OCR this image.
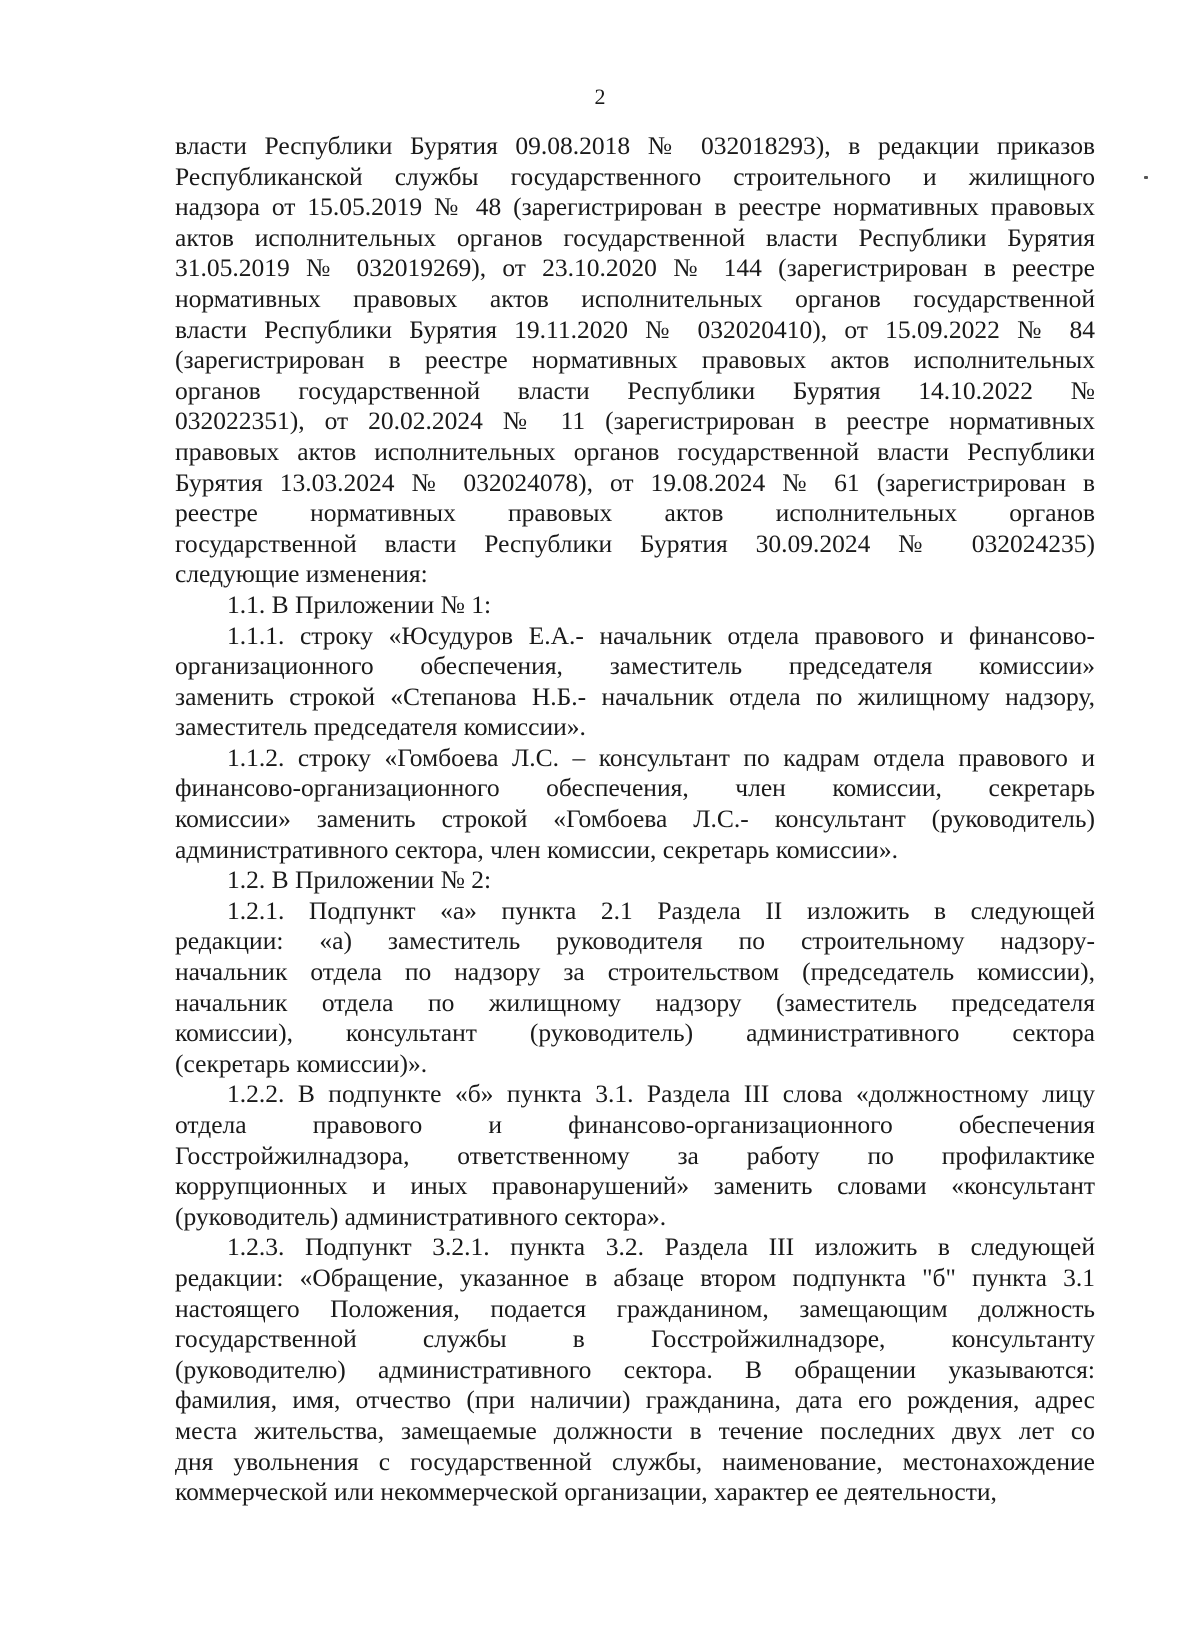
2
власти Республики Бурятия 09.08.2018 № 032018293), в редакции приказов
Республиканской службы государственного строительного и жилищного
надзора от 15.05.2019 № 48 (зарегистрирован в реестре нормативных правовых
актов исполнительных органов государственной власти Республики Бурятия
31.05.2019 № 032019269), от 23.10.2020 № 144 (зарегистрирован в реестре
нормативных правовых актов исполнительных органов государственной
власти Республики Бурятия 19.11.2020 № 032020410), от 15.09.2022 № 84
(зарегистрирован в реестре нормативных правовых актов исполнительных
органов государственной власти Республики Бурятия 14.10.2022 №
032022351), от 20.02.2024 № 11 (зарегистрирован в реестре нормативных
правовых актов исполнительных органов государственной власти Республики
Бурятия 13.03.2024 № 032024078), от 19.08.2024 № 61 (зарегистрирован в
реестре нормативных правовых актов исполнительных органов
государственной власти Республики Бурятия 30.09.2024 № 032024235)
следующие изменения:
1.1. В Приложении № 1:
1.1.1. строку «Юсудуров Е.А.- начальник отдела правового и финансово-
организационного обеспечения, заместитель председателя комиссии»
заменить строкой «Степанова Н.Б.- начальник отдела по жилищному надзору,
заместитель председателя комиссии».
1.1.2. строку «Гомбоева Л.С. – консультант по кадрам отдела правового и
финансово-организационного обеспечения, член комиссии, секретарь
комиссии» заменить строкой «Гомбоева Л.С.- консультант (руководитель)
административного сектора, член комиссии, секретарь комиссии».
1.2. В Приложении № 2:
1.2.1. Подпункт «а» пункта 2.1 Раздела II изложить в следующей
редакции: «а) заместитель руководителя по строительному надзору-
начальник отдела по надзору за строительством (председатель комиссии),
начальник отдела по жилищному надзору (заместитель председателя
комиссии), консультант (руководитель) административного сектора
(секретарь комиссии)».
1.2.2. В подпункте «б» пункта 3.1. Раздела III слова «должностному лицу
отдела правового и финансово-организационного обеспечения
Госстройжилнадзора, ответственному за работу по профилактике
коррупционных и иных правонарушений» заменить словами «консультант
(руководитель) административного сектора».
1.2.3. Подпункт 3.2.1. пункта 3.2. Раздела III изложить в следующей
редакции: «Обращение, указанное в абзаце втором подпункта "б" пункта 3.1
настоящего Положения, подается гражданином, замещающим должность
государственной службы в Госстройжилнадзоре, консультанту
(руководителю) административного сектора. В обращении указываются:
фамилия, имя, отчество (при наличии) гражданина, дата его рождения, адрес
места жительства, замещаемые должности в течение последних двух лет со
дня увольнения с государственной службы, наименование, местонахождение
коммерческой или некоммерческой организации, характер ее деятельности,
